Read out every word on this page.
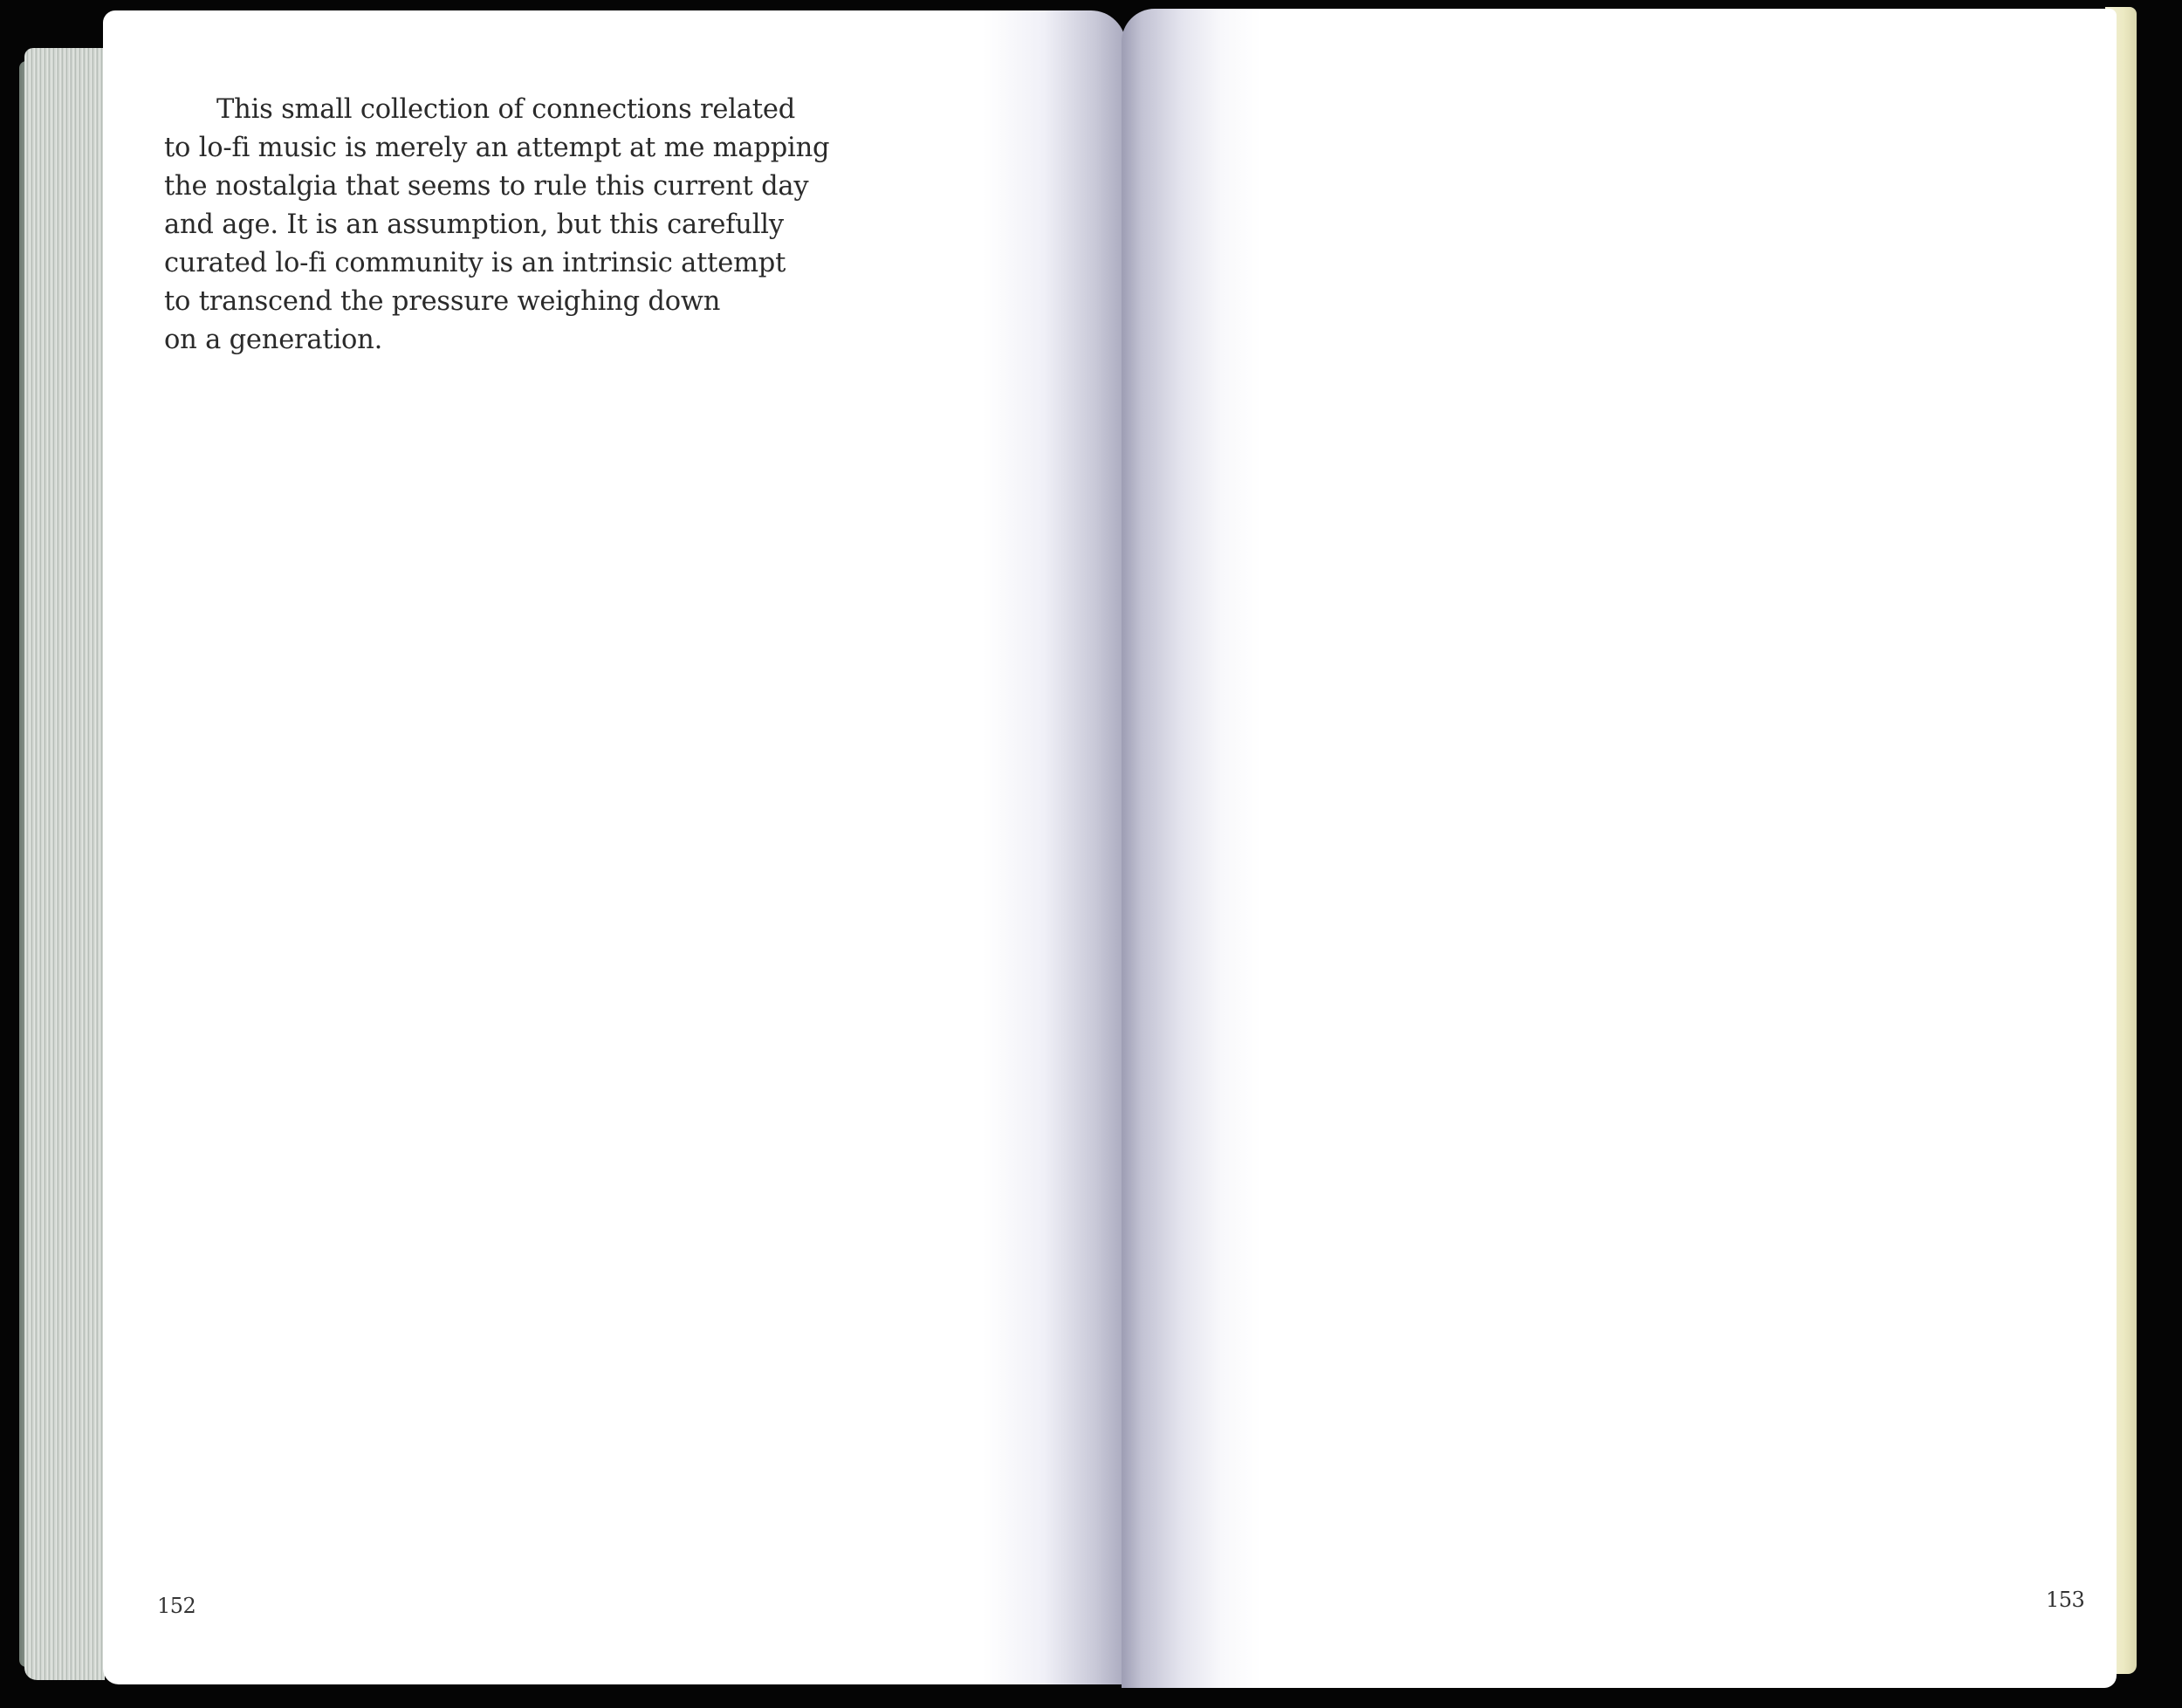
This small collection of connections related
to lo-fi music is merely an attempt at me mapping
the nostalgia that seems to rule this current day
and age. It is an assumption, but this carefully
curated lo-fi community is an intrinsic attempt
to transcend the pressure weighing down
on a generation.

152	153
